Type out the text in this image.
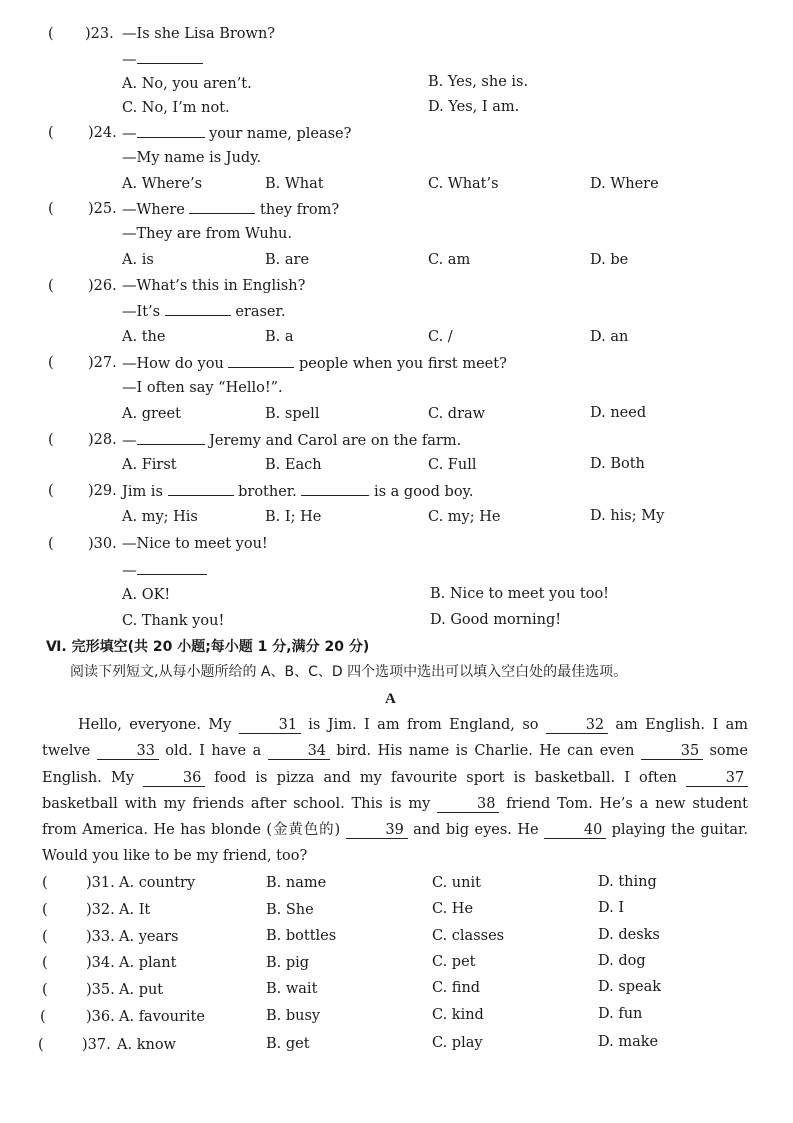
( )23. —Is she Lisa Brown?
—
A. No, you aren’t.	B. Yes, she is.
C. No, I’m not.	D. Yes, I am.
( )24. —	your name, please?
—My name is Judy.
A. Where’s	B. What	C. What’s	D. Where
( )25. —Where	they from?
—They are from Wuhu.
A. is	B. are	C. am	D. be
( )26. —What’s this in English?
—It’s	eraser.
A. the	B. a	C. /	D. an
( )27. —How do you	people when you first meet?
—I often say “Hello!”.
A. greet	B. spell	C. draw	D. need
( )28. —	Jeremy and Carol are on the farm.
A. First	B. Each	C. Full	D. Both
( )29. Jim is	brother.	is a good boy.
A. my; His	B. I; He	C. my; He	D. his; My
( )30. —Nice to meet you!
—
A. OK!	B. Nice to meet you too!
C. Thank you!	D. Good morning!
Ⅵ. 完形填空(共 20 小题;每小题 1 分,满分 20 分)
阅读下列短文,从每小题所给的 A、B、C、D 四个选项中选出可以填入空白处的最佳选项。
A

Hello, everyone. My	31 is Jim. I am from England, so	32 am English. I am twelve	33 old. I have a	34 bird. His name is Charlie. He can even	35 some English. My	36 food is pizza and my favourite sport is basketball. I often	37 basketball with my friends after school. This is my	38 friend Tom. He’s a new student from America. He has blonde (金黄色的)	39 and big eyes. He	40 playing the guitar. Would you like to be my friend, too?

(	)31. A. country	B. name	C. unit	D. thing
(	)32. A. It	B. She	C. He	D. I
(	)33. A. years	B. bottles	C. classes	D. desks
(	)34. A. plant	B. pig	C. pet	D. dog
(	)35. A. put	B. wait	C. find	D. speak
(	)36. A. favourite	B. busy	C. kind	D. fun
(	)37. A. know	B. get	C. play	D. make
